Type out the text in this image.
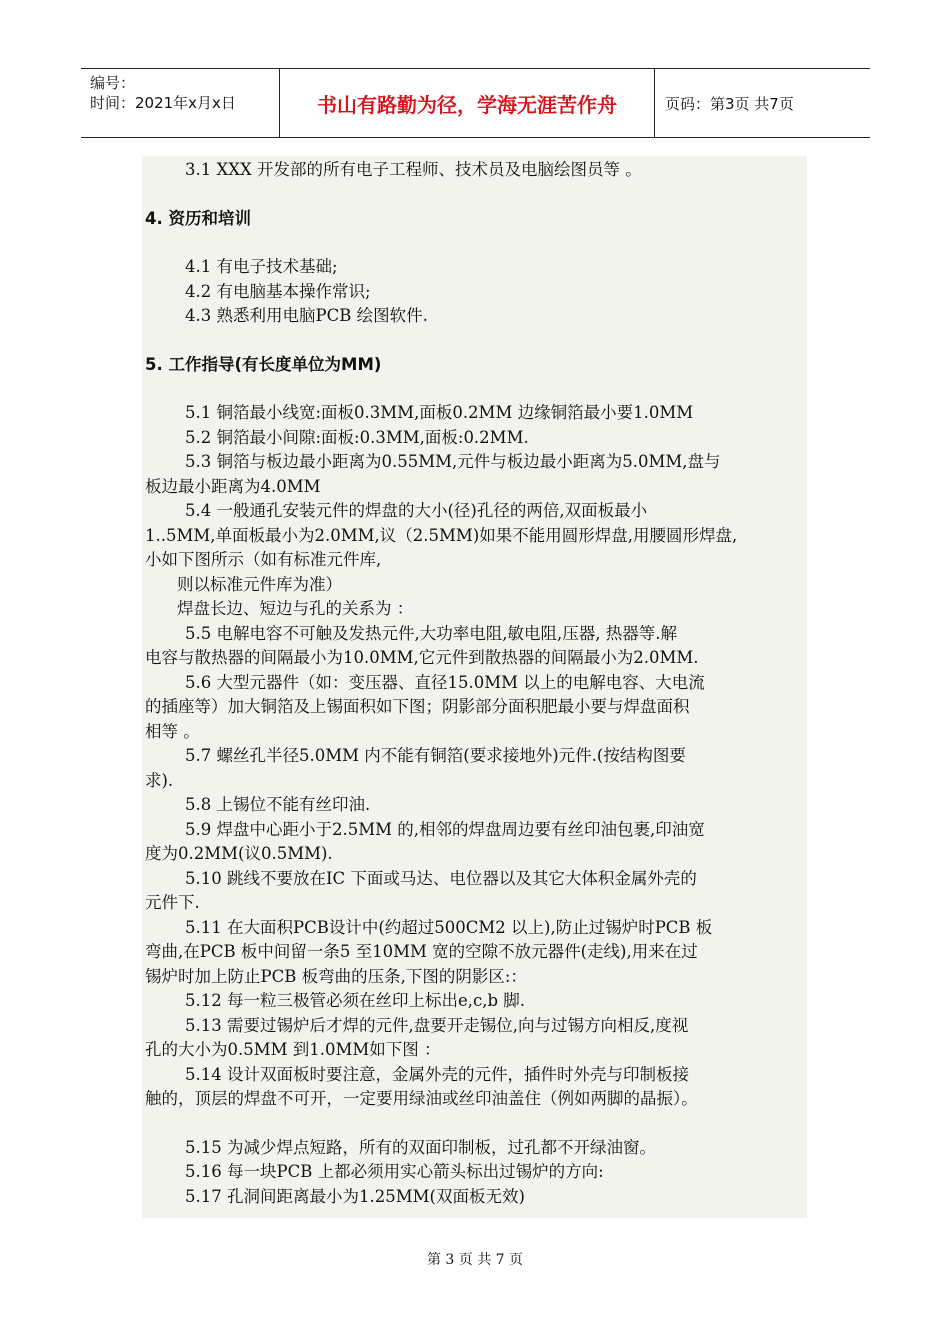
编号：
时间：2021年x月x日	书山有路勤为径，学海无涯苦作舟	页码：第3页 共7页
3.1 XXX 开发部的所有电子工程师、技术员及电脑绘图员等 。
4. 资历和培训
4.1 有电子技术基础;
4.2 有电脑基本操作常识;
4.3 熟悉利用电脑PCB 绘图软件.
5. 工作指导(有长度单位为MM)
5.1 铜箔最小线宽:面板0.3MM,面板0.2MM 边缘铜箔最小要1.0MM
5.2 铜箔最小间隙:面板:0.3MM,面板:0.2MM.
5.3 铜箔与板边最小距离为0.55MM,元件与板边最小距离为5.0MM,盘与
板边最小距离为4.0MM
5.4 一般通孔安装元件的焊盘的大小(径)孔径的两倍,双面板最小
1..5MM,单面板最小为2.0MM,议（2.5MM)如果不能用圆形焊盘,用腰圆形焊盘,
小如下图所示（如有标准元件库,
则以标准元件库为准）
焊盘长边、短边与孔的关系为 ：
5.5 电解电容不可触及发热元件,大功率电阻,敏电阻,压器, 热器等.解
电容与散热器的间隔最小为10.0MM,它元件到散热器的间隔最小为2.0MM.
5.6 大型元器件（如：变压器、直径15.0MM 以上的电解电容、大电流
的插座等）加大铜箔及上锡面积如下图；阴影部分面积肥最小要与焊盘面积
相等 。
5.7 螺丝孔半径5.0MM 内不能有铜箔(要求接地外)元件.(按结构图要
求).
5.8 上锡位不能有丝印油.
5.9 焊盘中心距小于2.5MM 的,相邻的焊盘周边要有丝印油包裹,印油宽
度为0.2MM(议0.5MM).
5.10 跳线不要放在IC 下面或马达、电位器以及其它大体积金属外壳的
元件下.
5.11 在大面积PCB设计中(约超过500CM2 以上),防止过锡炉时PCB 板
弯曲,在PCB 板中间留一条5 至10MM 宽的空隙不放元器件(走线),用来在过
锡炉时加上防止PCB 板弯曲的压条,下图的阴影区:：
5.12 每一粒三极管必须在丝印上标出e,c,b 脚.
5.13 需要过锡炉后才焊的元件,盘要开走锡位,向与过锡方向相反,度视
孔的大小为0.5MM 到1.0MM如下图 ：
5.14 设计双面板时要注意，金属外壳的元件，插件时外壳与印制板接
触的，顶层的焊盘不可开，一定要用绿油或丝印油盖住（例如两脚的晶振）。
5.15 为减少焊点短路，所有的双面印制板，过孔都不开绿油窗。
5.16 每一块PCB 上都必须用实心箭头标出过锡炉的方向:
5.17 孔洞间距离最小为1.25MM(双面板无效)
第 3 页 共 7 页
